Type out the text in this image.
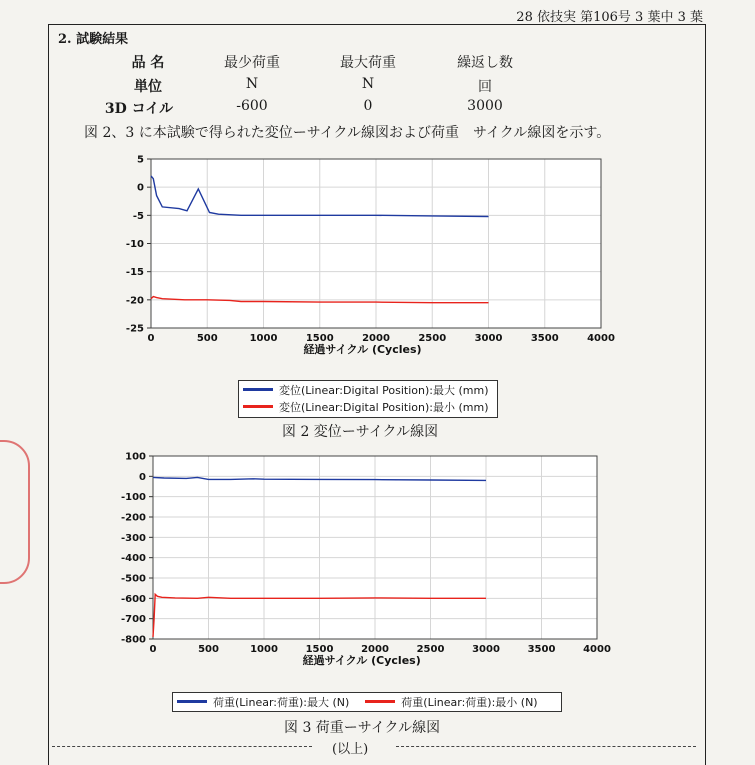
28 依技実 第106号 3 葉中 3 葉
2. 試験結果
品 名	最少荷重	最大荷重	繰返し数
単位	N	N	回
3D コイル	-600	0	3000
図 2、3 に本試験で得られた変位ーサイクル線図および荷重　サイクル線図を示す。
0	500	1000	1500	2000	2500	3000	3500	4000
5
0
-5
-10
-15
-20
-25
経過サイクル (Cycles)
変位(Linear:Digital Position):最大 (mm)
変位(Linear:Digital Position):最小 (mm)
図 2 変位ーサイクル線図
0	500	1000	1500	2000	2500	3000	3500	4000
100
0
-100
-200
-300
-400
-500
-600
-700
-800
経過サイクル (Cycles)
荷重(Linear:荷重):最大 (N)	荷重(Linear:荷重):最小 (N)
図 3 荷重ーサイクル線図
(以上)
